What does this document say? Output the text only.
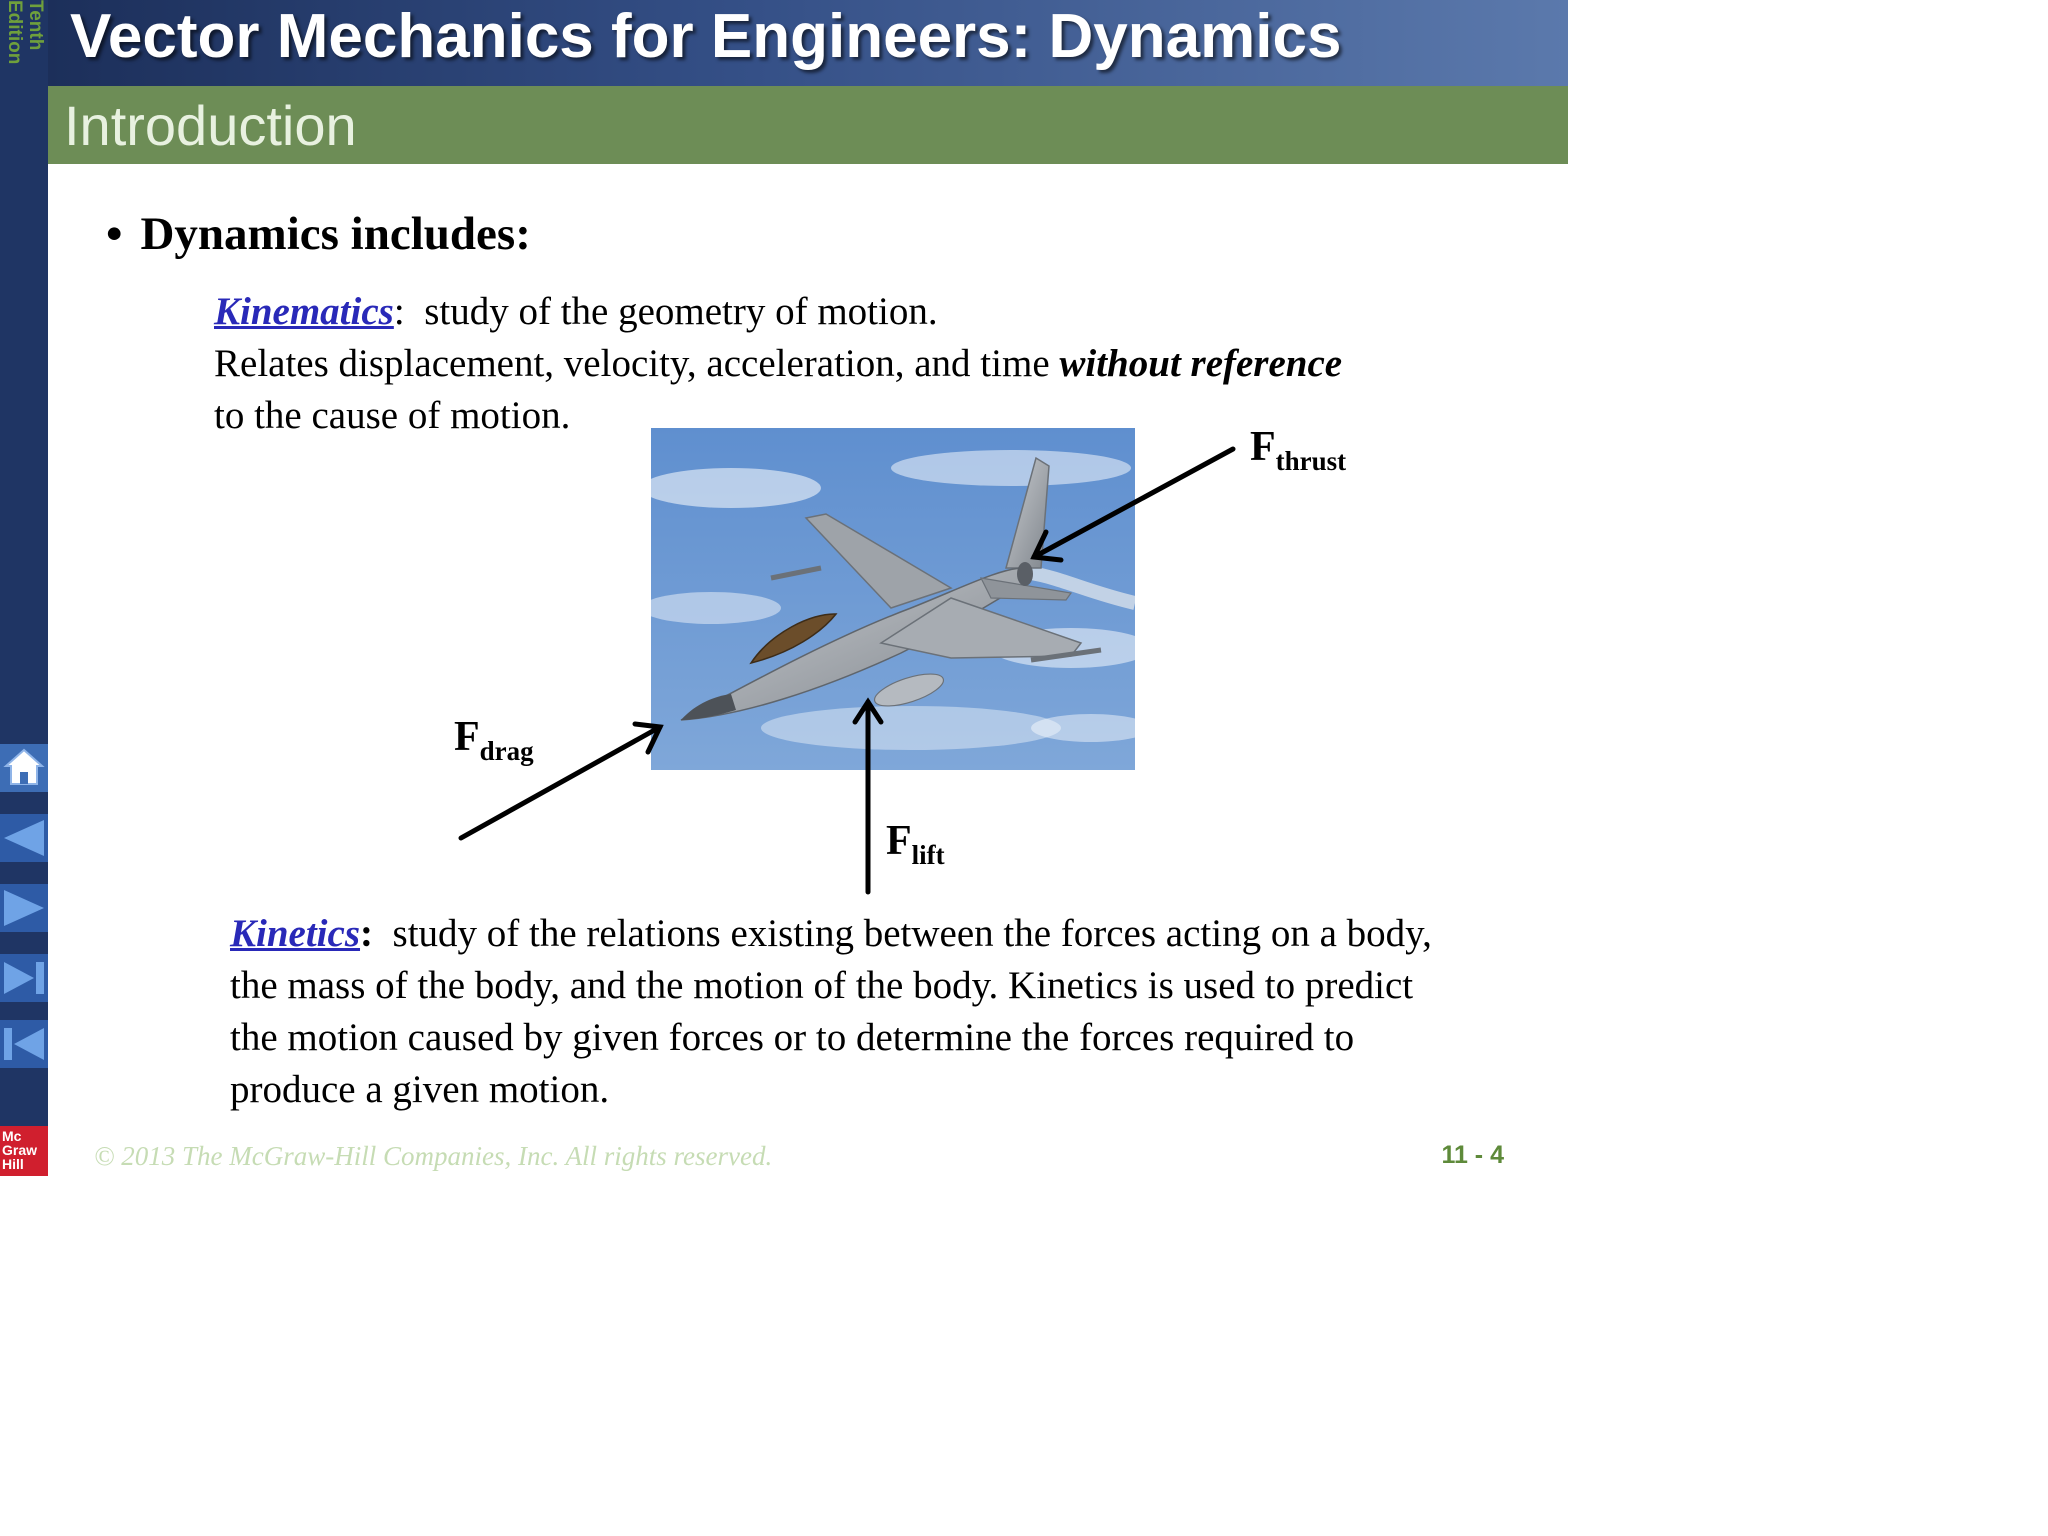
Tenth
Edition
Mc
Graw
Hill
Vector Mechanics for Engineers: Dynamics
Introduction
• Dynamics includes:
Kinematics: study of the geometry of motion.
Relates displacement, velocity, acceleration, and time without reference
to the cause of motion.
$F_{thrust}$
$F_{drag}$
$F_{lift}$
Kinetics: study of the relations existing between the forces acting on a body, the mass of the body, and the motion of the body. Kinetics is used to predict the motion caused by given forces or to determine the forces required to produce a given motion.
© 2013 The McGraw-Hill Companies, Inc. All rights reserved.	11 - 4
